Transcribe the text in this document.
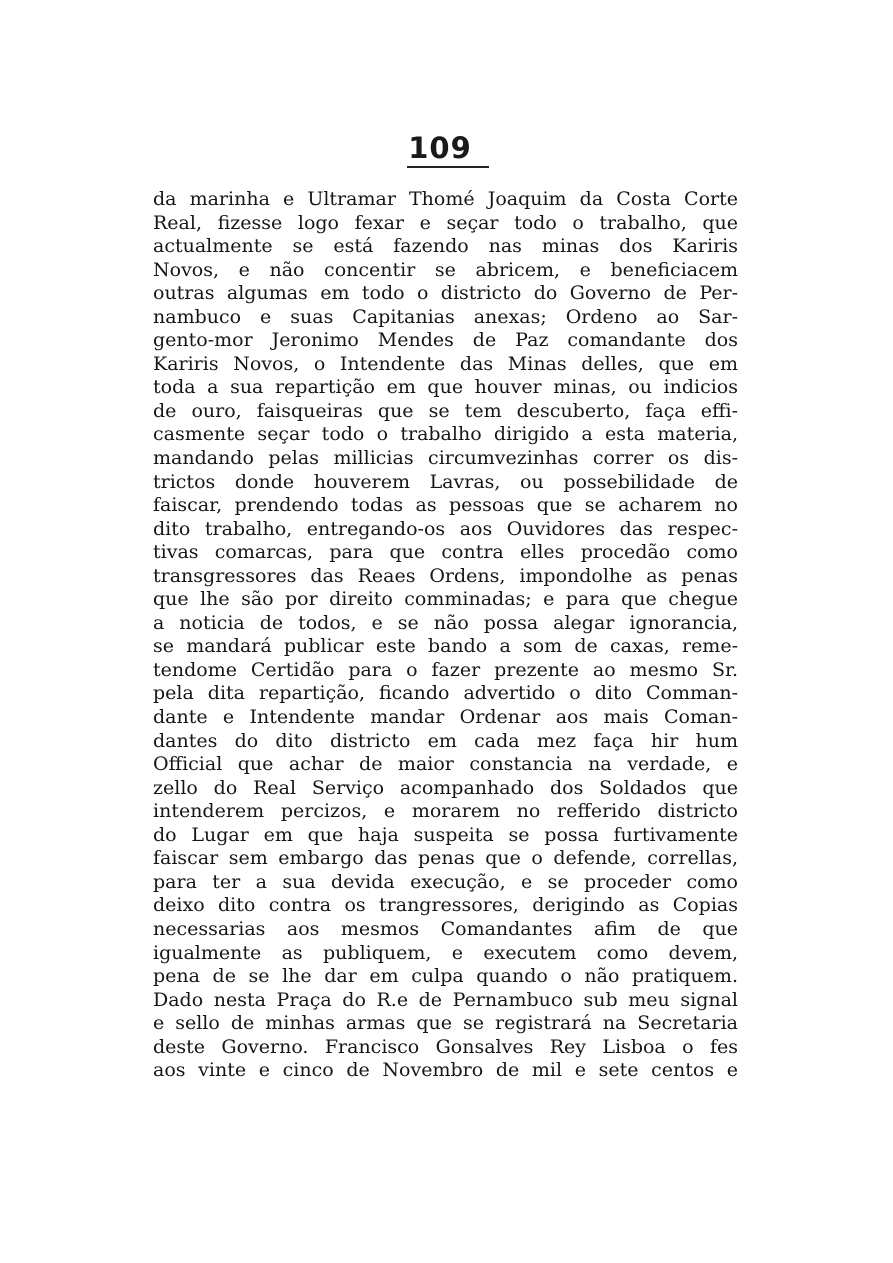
109
da marinha e Ultramar Thomé Joaquim da Costa Corte
Real, fizesse logo fexar e seçar todo o trabalho, que
actualmente se está fazendo nas minas dos Kariris
Novos, e não concentir se abricem, e beneficiacem
outras algumas em todo o districto do Governo de Per-
nambuco e suas Capitanias anexas; Ordeno ao Sar-
gento-mor Jeronimo Mendes de Paz comandante dos
Kariris Novos, o Intendente das Minas delles, que em
toda a sua repartição em que houver minas, ou indicios
de ouro, faisqueiras que se tem descuberto, faça effi-
casmente seçar todo o trabalho dirigido a esta materia,
mandando pelas millicias circumvezinhas correr os dis-
trictos donde houverem Lavras, ou possebilidade de
faiscar, prendendo todas as pessoas que se acharem no
dito trabalho, entregando-os aos Ouvidores das respec-
tivas comarcas, para que contra elles procedão como
transgressores das Reaes Ordens, impondolhe as penas
que lhe são por direito comminadas; e para que chegue
a noticia de todos, e se não possa alegar ignorancia,
se mandará publicar este bando a som de caxas, reme-
tendome Certidão para o fazer prezente ao mesmo Sr.
pela dita repartição, ficando advertido o dito Comman-
dante e Intendente mandar Ordenar aos mais Coman-
dantes do dito districto em cada mez faça hir hum
Official que achar de maior constancia na verdade, e
zello do Real Serviço acompanhado dos Soldados que
intenderem percizos, e morarem no refferido districto
do Lugar em que haja suspeita se possa furtivamente
faiscar sem embargo das penas que o defende, correllas,
para ter a sua devida execução, e se proceder como
deixo dito contra os trangressores, derigindo as Copias
necessarias aos mesmos Comandantes afim de que
igualmente as publiquem, e executem como devem,
pena de se lhe dar em culpa quando o não pratiquem.
Dado nesta Praça do R.e de Pernambuco sub meu signal
e sello de minhas armas que se registrará na Secretaria
deste Governo. Francisco Gonsalves Rey Lisboa o fes
aos vinte e cinco de Novembro de mil e sete centos e
